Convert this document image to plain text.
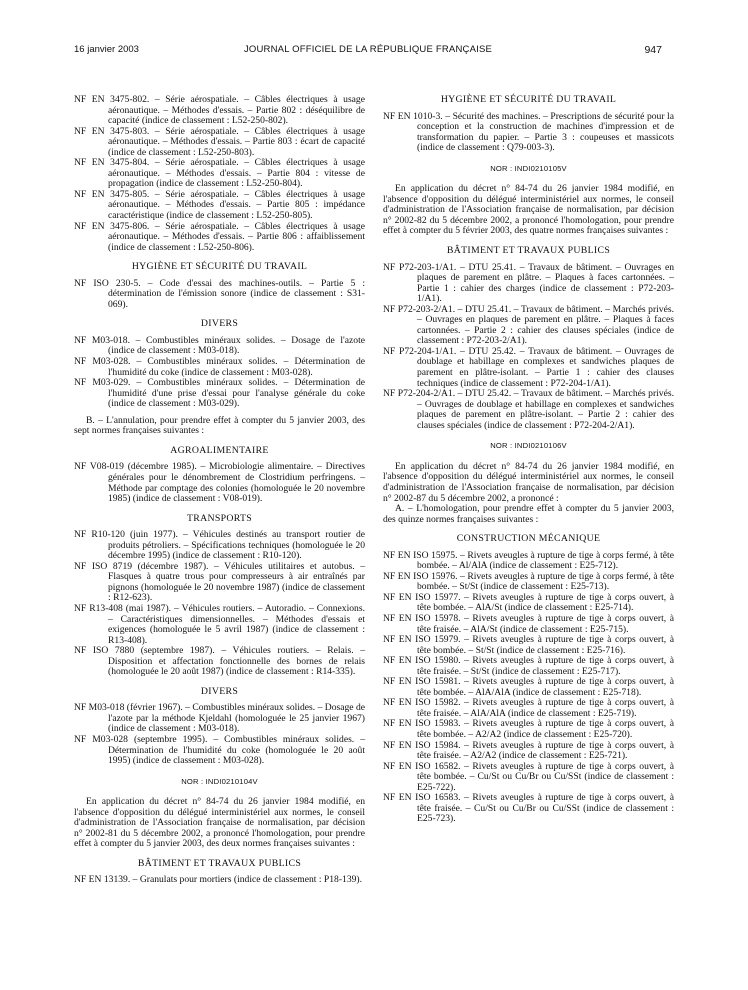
16 janvier 2003	JOURNAL OFFICIEL DE LA RÉPUBLIQUE FRANÇAISE	947

NF EN 3475-802. – Série aérospatiale. – Câbles électriques à usage aéronautique. – Méthodes d'essais. – Partie 802 : déséquilibre de capacité (indice de classement : L52-250-802).

NF EN 3475-803. – Série aérospatiale. – Câbles électriques à usage aéronautique. – Méthodes d'essais. – Partie 803 : écart de capacité (indice de classement : L52-250-803).

NF EN 3475-804. – Série aérospatiale. – Câbles électriques à usage aéronautique. – Méthodes d'essais. – Partie 804 : vitesse de propagation (indice de classement : L52-250-804).

NF EN 3475-805. – Série aérospatiale. – Câbles électriques à usage aéronautique. – Méthodes d'essais. – Partie 805 : impédance caractéristique (indice de classement : L52-250-805).

NF EN 3475-806. – Série aérospatiale. – Câbles électriques à usage aéronautique. – Méthodes d'essais. – Partie 806 : affaiblissement (indice de classement : L52-250-806).

HYGIÈNE ET SÉCURITÉ DU TRAVAIL

NF ISO 230-5. – Code d'essai des machines-outils. – Partie 5 : détermination de l'émission sonore (indice de classement : S31-069).

DIVERS

NF M03-018. – Combustibles minéraux solides. – Dosage de l'azote (indice de classement : M03-018).

NF M03-028. – Combustibles minéraux solides. – Détermination de l'humidité du coke (indice de classement : M03-028).

NF M03-029. – Combustibles minéraux solides. – Détermination de l'humidité d'une prise d'essai pour l'analyse générale du coke (indice de classement : M03-029).

B. – L'annulation, pour prendre effet à compter du 5 janvier 2003, des sept normes françaises suivantes :

AGROALIMENTAIRE

NF V08-019 (décembre 1985). – Microbiologie alimentaire. – Directives générales pour le dénombrement de Clostridium perfringens. – Méthode par comptage des colonies (homologuée le 20 novembre 1985) (indice de classement : V08-019).

TRANSPORTS

NF R10-120 (juin 1977). – Véhicules destinés au transport routier de produits pétroliers. – Spécifications techniques (homologuée le 20 décembre 1995) (indice de classement : R10-120).

NF ISO 8719 (décembre 1987). – Véhicules utilitaires et autobus. – Flasques à quatre trous pour compresseurs à air entraînés par pignons (homologuée le 20 novembre 1987) (indice de classement : R12-623).

NF R13-408 (mai 1987). – Véhicules routiers. – Autoradio. – Connexions. – Caractéristiques dimensionnelles. – Méthodes d'essais et exigences (homologuée le 5 avril 1987) (indice de classement : R13-408).

NF ISO 7880 (septembre 1987). – Véhicules routiers. – Relais. – Disposition et affectation fonctionnelle des bornes de relais (homologuée le 20 août 1987) (indice de classement : R14-335).

DIVERS

NF M03-018 (février 1967). – Combustibles minéraux solides. – Dosage de l'azote par la méthode Kjeldahl (homologuée le 25 janvier 1967) (indice de classement : M03-018).

NF M03-028 (septembre 1995). – Combustibles minéraux solides. – Détermination de l'humidité du coke (homologuée le 20 août 1995) (indice de classement : M03-028).

NOR : INDI0210104V

En application du décret n° 84-74 du 26 janvier 1984 modifié, en l'absence d'opposition du délégué interministériel aux normes, le conseil d'administration de l'Association française de normalisation, par décision n° 2002-81 du 5 décembre 2002, a prononcé l'homologation, pour prendre effet à compter du 5 janvier 2003, des deux normes françaises suivantes :

BÂTIMENT ET TRAVAUX PUBLICS

NF EN 13139. – Granulats pour mortiers (indice de classement : P18-139).

HYGIÈNE ET SÉCURITÉ DU TRAVAIL

NF EN 1010-3. – Sécurité des machines. – Prescriptions de sécurité pour la conception et la construction de machines d'impression et de transformation du papier. – Partie 3 : coupeuses et massicots (indice de classement : Q79-003-3).

NOR : INDI0210105V

En application du décret n° 84-74 du 26 janvier 1984 modifié, en l'absence d'opposition du délégué interministériel aux normes, le conseil d'administration de l'Association française de normalisation, par décision n° 2002-82 du 5 décembre 2002, a prononcé l'homologation, pour prendre effet à compter du 5 février 2003, des quatre normes françaises suivantes :

BÂTIMENT ET TRAVAUX PUBLICS

NF P72-203-1/A1. – DTU 25.41. – Travaux de bâtiment. – Ouvrages en plaques de parement en plâtre. – Plaques à faces cartonnées. – Partie 1 : cahier des charges (indice de classement : P72-203-1/A1).

NF P72-203-2/A1. – DTU 25.41. – Travaux de bâtiment. – Marchés privés. – Ouvrages en plaques de parement en plâtre. – Plaques à faces cartonnées. – Partie 2 : cahier des clauses spéciales (indice de classement : P72-203-2/A1).

NF P72-204-1/A1. – DTU 25.42. – Travaux de bâtiment. – Ouvrages de doublage et habillage en complexes et sandwiches plaques de parement en plâtre-isolant. – Partie 1 : cahier des clauses techniques (indice de classement : P72-204-1/A1).

NF P72-204-2/A1. – DTU 25.42. – Travaux de bâtiment. – Marchés privés. – Ouvrages de doublage et habillage en complexes et sandwiches plaques de parement en plâtre-isolant. – Partie 2 : cahier des clauses spéciales (indice de classement : P72-204-2/A1).

NOR : INDI0210106V

En application du décret n° 84-74 du 26 janvier 1984 modifié, en l'absence d'opposition du délégué interministériel aux normes, le conseil d'administration de l'Association française de normalisation, par décision n° 2002-87 du 5 décembre 2002, a prononcé :

A. – L'homologation, pour prendre effet à compter du 5 janvier 2003, des quinze normes françaises suivantes :

CONSTRUCTION MÉCANIQUE

NF EN ISO 15975. – Rivets aveugles à rupture de tige à corps fermé, à tête bombée. – Al/AlA (indice de classement : E25-712).

NF EN ISO 15976. – Rivets aveugles à rupture de tige à corps fermé, à tête bombée. – St/St (indice de classement : E25-713).

NF EN ISO 15977. – Rivets aveugles à rupture de tige à corps ouvert, à tête bombée. – AlA/St (indice de classement : E25-714).

NF EN ISO 15978. – Rivets aveugles à rupture de tige à corps ouvert, à tête fraisée. – AlA/St (indice de classement : E25-715).

NF EN ISO 15979. – Rivets aveugles à rupture de tige à corps ouvert, à tête bombée. – St/St (indice de classement : E25-716).

NF EN ISO 15980. – Rivets aveugles à rupture de tige à corps ouvert, à tête fraisée. – St/St (indice de classement : E25-717).

NF EN ISO 15981. – Rivets aveugles à rupture de tige à corps ouvert, à tête bombée. – AlA/AlA (indice de classement : E25-718).

NF EN ISO 15982. – Rivets aveugles à rupture de tige à corps ouvert, à tête fraisée. – AlA/AlA (indice de classement : E25-719).

NF EN ISO 15983. – Rivets aveugles à rupture de tige à corps ouvert, à tête bombée. – A2/A2 (indice de classement : E25-720).

NF EN ISO 15984. – Rivets aveugles à rupture de tige à corps ouvert, à tête fraisée. – A2/A2 (indice de classement : E25-721).

NF EN ISO 16582. – Rivets aveugles à rupture de tige à corps ouvert, à tête bombée. – Cu/St ou Cu/Br ou Cu/SSt (indice de classement : E25-722).

NF EN ISO 16583. – Rivets aveugles à rupture de tige à corps ouvert, à tête fraisée. – Cu/St ou Cu/Br ou Cu/SSt (indice de classement : E25-723).
